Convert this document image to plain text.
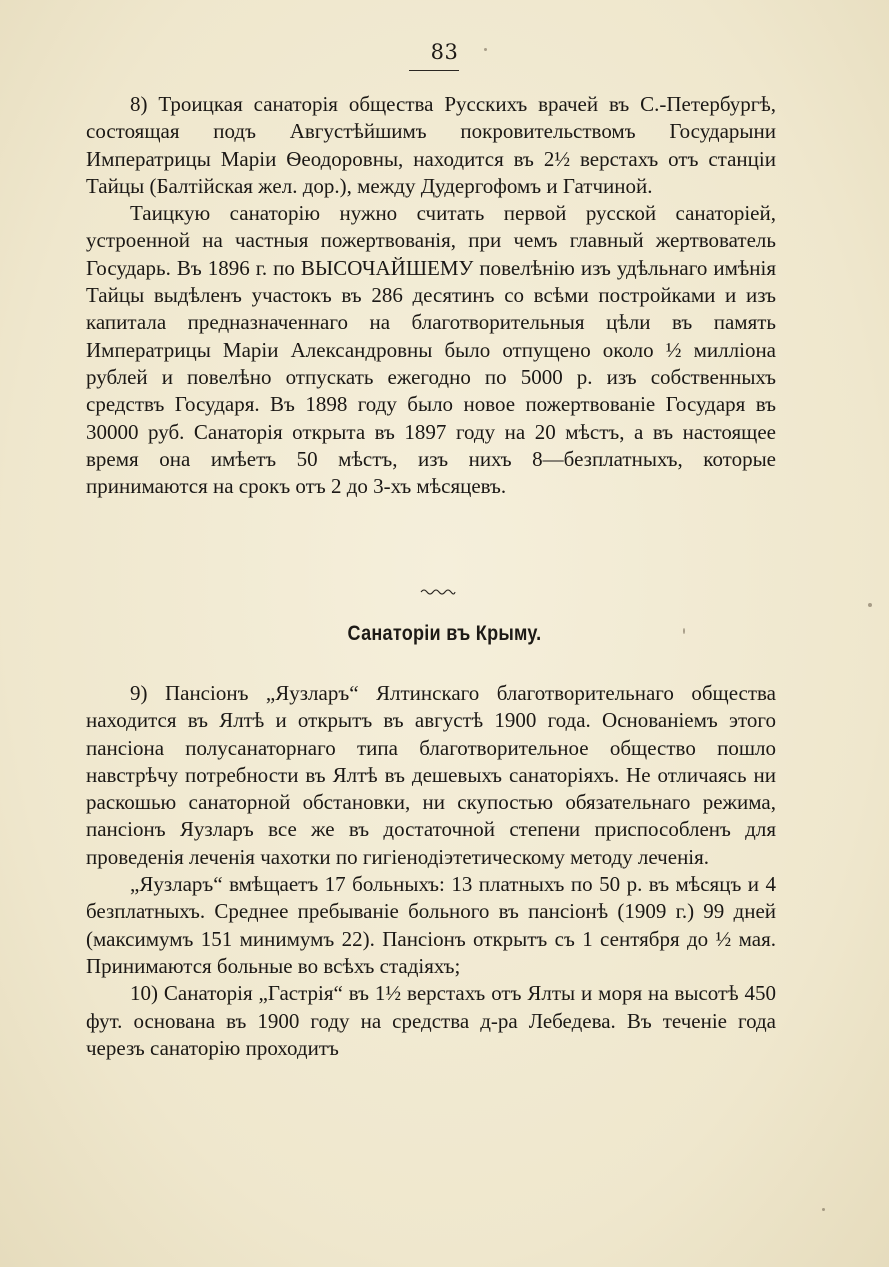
83

8) Троицкая санаторія общества Русскихъ врачей въ С.-Петербургѣ, состоящая подъ Августѣйшимъ покровительствомъ Государыни Императрицы Маріи Ѳеодоровны, находится въ 2½ верстахъ отъ станціи Тайцы (Балтійская жел. дор.), между Дудергофомъ и Гатчиной.

Таицкую санаторію нужно считать первой русской санаторіей, устроенной на частныя пожертвованія, при чемъ главный жертвователь Государь. Въ 1896 г. по ВЫСОЧАЙШЕМУ повелѣнію изъ удѣльнаго имѣнія Тайцы выдѣленъ участокъ въ 286 десятинъ со всѣми постройками и изъ капитала предназначеннаго на благотворительныя цѣли въ память Императрицы Маріи Александровны было отпущено около ½ милліона рублей и повелѣно отпускать ежегодно по 5000 р. изъ собственныхъ средствъ Государя. Въ 1898 году было новое пожертвованіе Государя въ 30000 руб. Санаторія открыта въ 1897 году на 20 мѣстъ, а въ настоящее время она имѣетъ 50 мѣстъ, изъ нихъ 8—безплатныхъ, которые принимаются на срокъ отъ 2 до 3-хъ мѣсяцевъ.

Санаторіи въ Крыму.

9) Пансіонъ „Яузларъ“ Ялтинскаго благотворительнаго общества находится въ Ялтѣ и открытъ въ августѣ 1900 года. Основаніемъ этого пансіона полусанаторнаго типа благотворительное общество пошло навстрѣчу потребности въ Ялтѣ въ дешевыхъ санаторіяхъ. Не отличаясь ни раскошью санаторной обстановки, ни скупостью обязательнаго режима, пансіонъ Яузларъ все же въ достаточной степени приспособленъ для проведенія леченія чахотки по гигіенодіэтетическому методу леченія.

„Яузларъ“ вмѣщаетъ 17 больныхъ: 13 платныхъ по 50 р. въ мѣсяцъ и 4 безплатныхъ. Среднее пребываніе больного въ пансіонѣ (1909 г.) 99 дней (максимумъ 151 минимумъ 22). Пансіонъ открытъ съ 1 сентября до ½ мая. Принимаются больные во всѣхъ стадіяхъ;

10) Санаторія „Гастрія“ въ 1½ верстахъ отъ Ялты и моря на высотѣ 450 фут. основана въ 1900 году на средства д-ра Лебедева. Въ теченіе года черезъ санаторію проходитъ
